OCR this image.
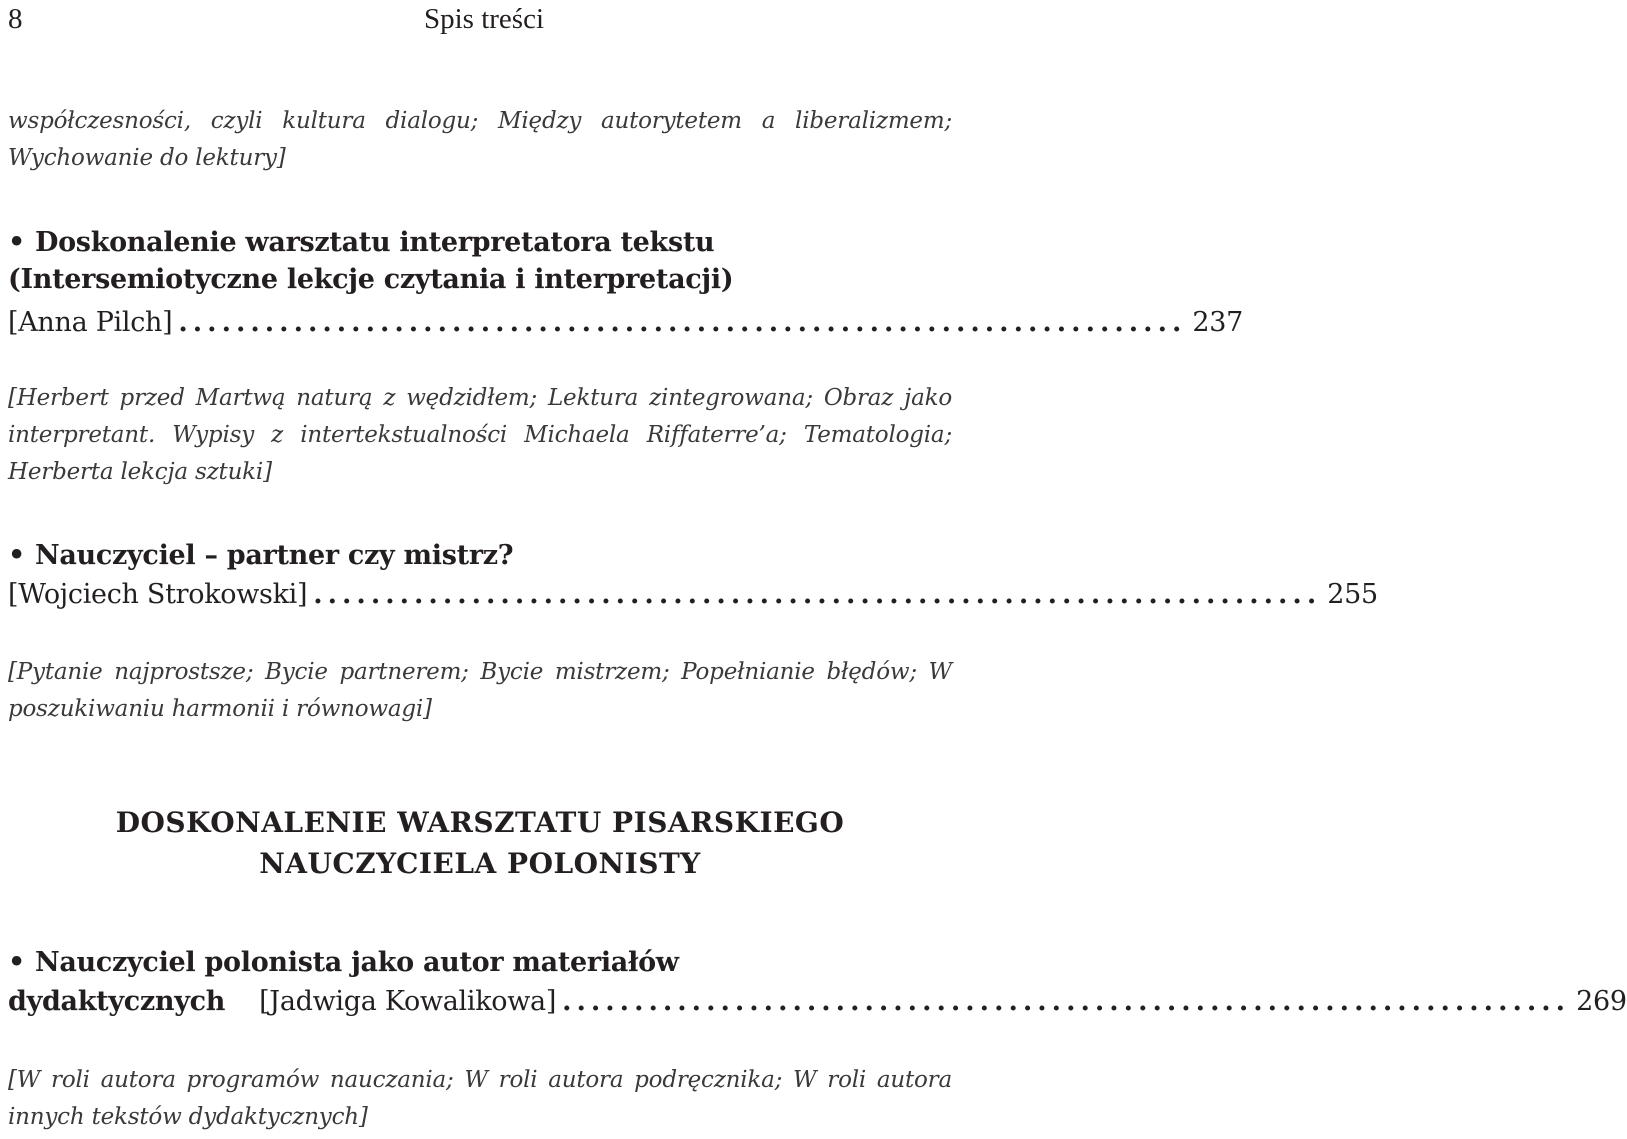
8	Spis treści
współczesności, czyli kultura dialogu; Między autorytetem a liberalizmem; Wychowanie do lektury]
• Doskonalenie warsztatu interpretatora tekstu
(Intersemiotyczne lekcje czytania i interpretacji)
[Anna Pilch] ...................................................................... 237
[Herbert przed Martwą naturą z wędzidłem; Lektura zintegrowana; Obraz jako interpretant. Wypisy z intertekstualności Michaela Riffaterre’a; Tematologia; Herberta lekcja sztuki]
• Nauczyciel – partner czy mistrz?
[Wojciech Strokowski] ...................................................................... 255
[Pytanie najprostsze; Bycie partnerem; Bycie mistrzem; Popełnianie błędów; W poszukiwaniu harmonii i równowagi]
DOSKONALENIE WARSZTATU PISARSKIEGO
NAUCZYCIELA POLONISTY
• Nauczyciel polonista jako autor materiałów
dydaktycznych [Jadwiga Kowalikowa] ...................................................................... 269
[W roli autora programów nauczania; W roli autora podręcznika; W roli autora innych tekstów dydaktycznych]
